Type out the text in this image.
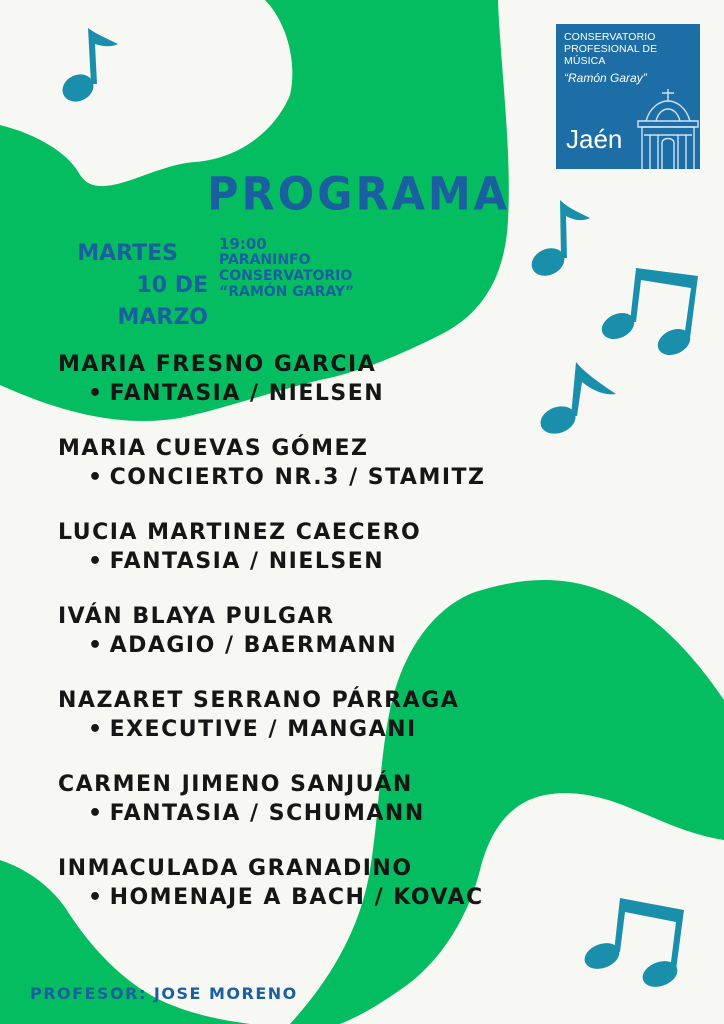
CONSERVATORIO
PROFESIONAL DE
MÚSICA
“Ramón Garay”
Jaén
PROGRAMA
MARTES
10 DE MARZO
19:00
PARANINFO
CONSERVATORIO
“RAMÓN GARAY”
MARIA FRESNO GARCIA
• FANTASIA / NIELSEN
MARIA CUEVAS GÓMEZ
• CONCIERTO NR.3 / STAMITZ
LUCIA MARTINEZ CAECERO
• FANTASIA / NIELSEN
IVÁN BLAYA PULGAR
• ADAGIO / BAERMANN
NAZARET SERRANO PÁRRAGA
• EXECUTIVE / MANGANI
CARMEN JIMENO SANJUÁN
• FANTASIA / SCHUMANN
INMACULADA GRANADINO
• HOMENAJE A BACH / KOVAC
PROFESOR: JOSE MORENO
